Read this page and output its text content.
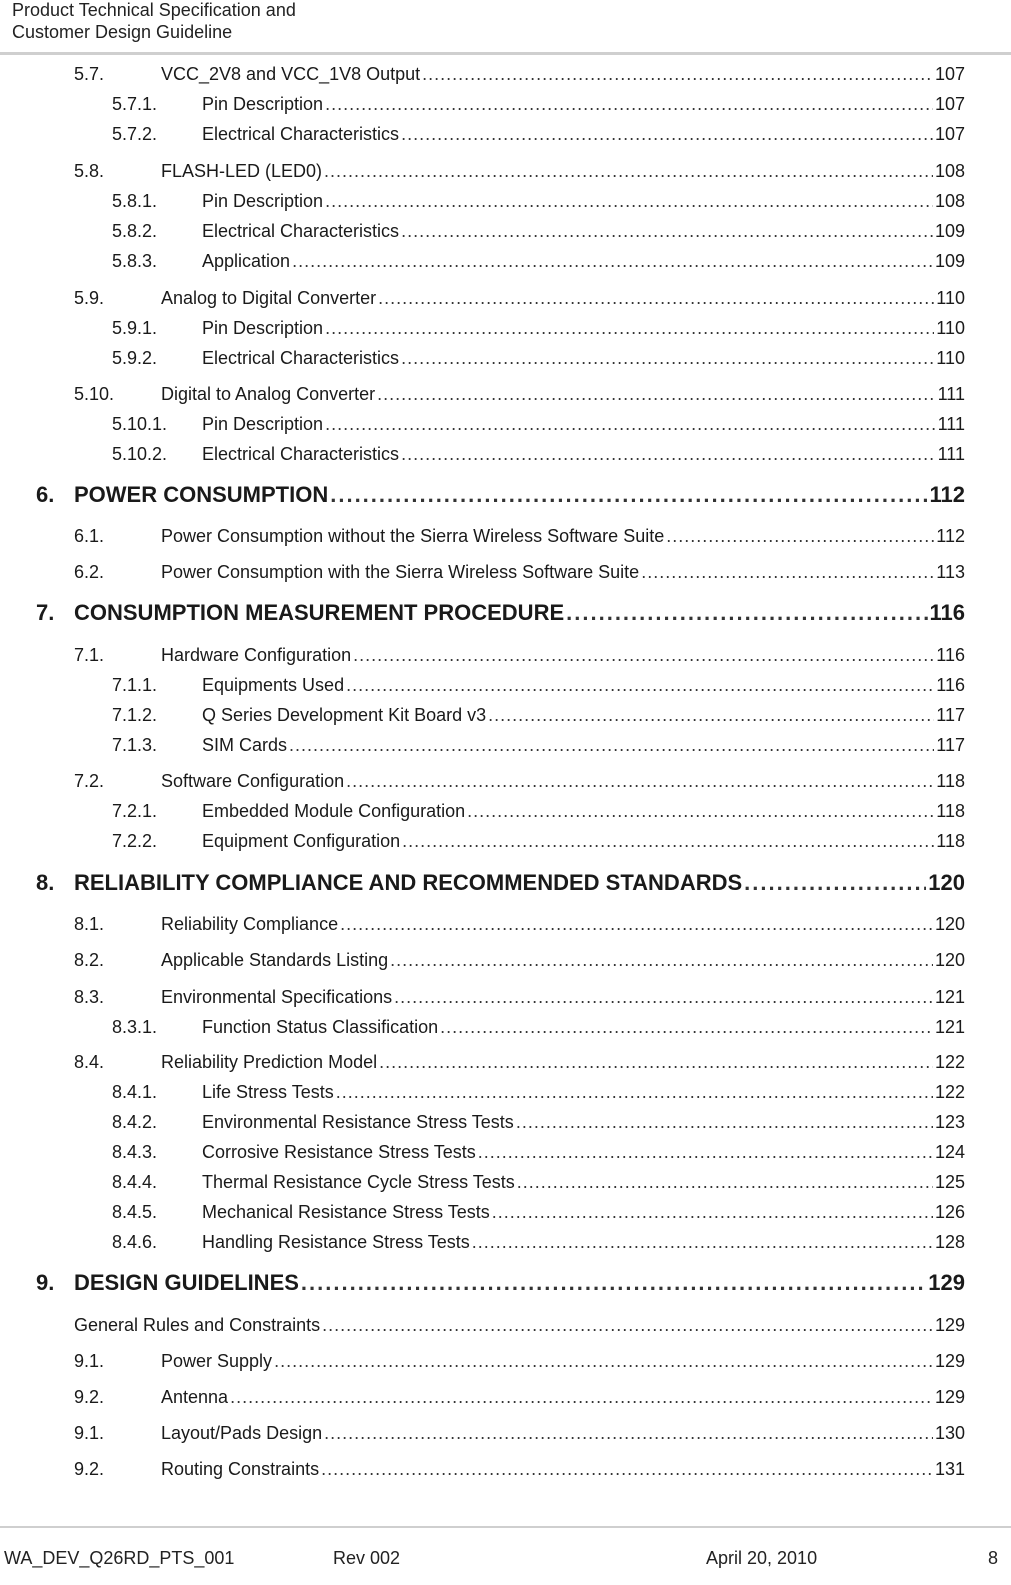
Product Technical Specification and
Customer Design Guideline
5.7.	VCC_2V8 and VCC_1V8 Output .....	107
5.7.1. Pin Description .....	107
5.7.2. Electrical Characteristics .....	107
5.8.	FLASH-LED (LED0) .....	108
5.8.1. Pin Description .....	108
5.8.2. Electrical Characteristics .....	109
5.8.3. Application .....	109
5.9.	Analog to Digital Converter .....	110
5.9.1. Pin Description .....	110
5.9.2. Electrical Characteristics .....	110
5.10.	Digital to Analog Converter .....	111
5.10.1. Pin Description .....	111
5.10.2. Electrical Characteristics .....	111
6. POWER CONSUMPTION .....	112
6.1.	Power Consumption without the Sierra Wireless Software Suite .....	112
6.2.	Power Consumption with the Sierra Wireless Software Suite .....	113
7. CONSUMPTION MEASUREMENT PROCEDURE .....	116
7.1.	Hardware Configuration .....	116
7.1.1. Equipments Used .....	116
7.1.2. Q Series Development Kit Board v3 .....	117
7.1.3. SIM Cards .....	117
7.2.	Software Configuration .....	118
7.2.1. Embedded Module Configuration .....	118
7.2.2. Equipment Configuration .....	118
8. RELIABILITY COMPLIANCE AND RECOMMENDED STANDARDS .....	120
8.1.	Reliability Compliance .....	120
8.2.	Applicable Standards Listing .....	120
8.3.	Environmental Specifications .....	121
8.3.1. Function Status Classification .....	121
8.4.	Reliability Prediction Model .....	122
8.4.1. Life Stress Tests .....	122
8.4.2. Environmental Resistance Stress Tests .....	123
8.4.3. Corrosive Resistance Stress Tests .....	124
8.4.4. Thermal Resistance Cycle Stress Tests .....	125
8.4.5. Mechanical Resistance Stress Tests .....	126
8.4.6. Handling Resistance Stress Tests .....	128
9. DESIGN GUIDELINES .....	129
General Rules and Constraints .....	129
9.1.	Power Supply .....	129
9.2.	Antenna .....	129
9.1.	Layout/Pads Design .....	130
9.2.	Routing Constraints .....	131
WA_DEV_Q26RD_PTS_001	Rev 002	April 20, 2010	8
